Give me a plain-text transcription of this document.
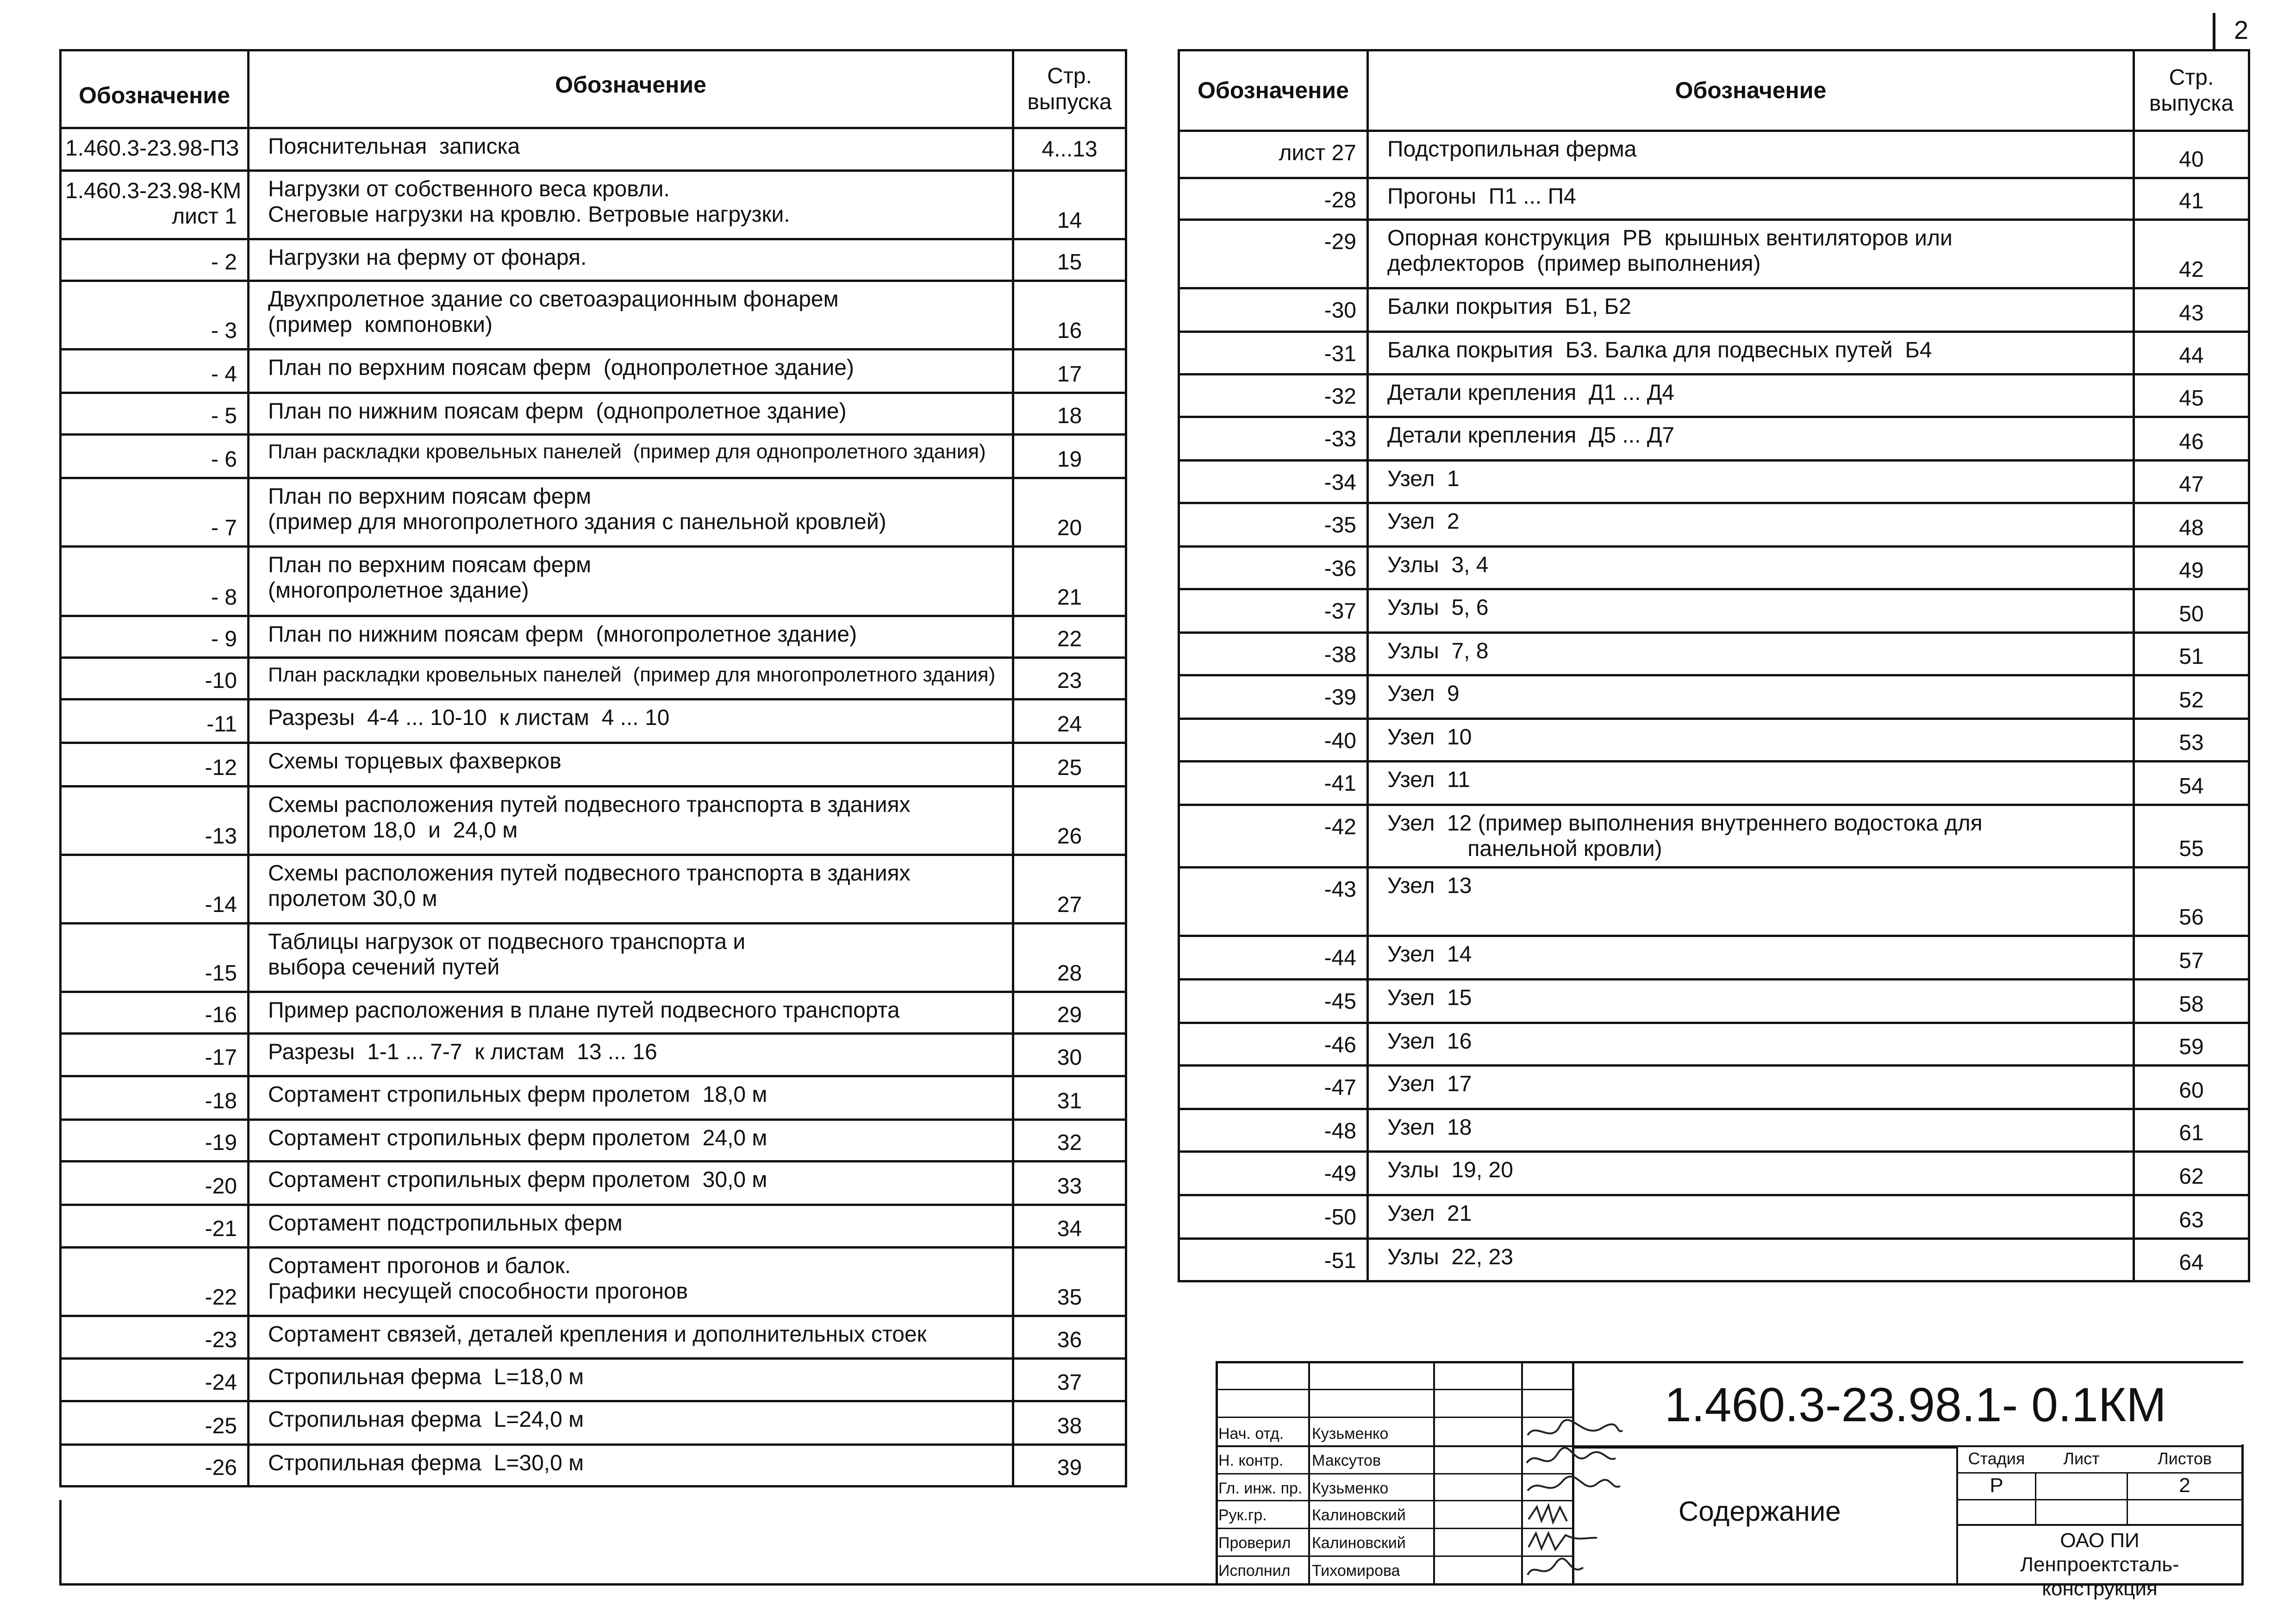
2
Обозначение	Обозначение	Стр.
выпуска
1.460.3-23.98-ПЗ	Пояснительная  записка	4...13
1.460.3-23.98-КМ
лист 1	Нагрузки от собственного веса кровли.
Снеговые нагрузки на кровлю. Ветровые нагрузки.	14
- 2	Нагрузки на ферму от фонаря.	15
- 3	Двухпролетное здание со светоаэрационным фонарем
(пример  компоновки)	16
- 4	План по верхним поясам ферм  (однопролетное здание)	17
- 5	План по нижним поясам ферм  (однопролетное здание)	18
- 6	План раскладки кровельных панелей  (пример для однопролетного здания)	19
- 7	План по верхним поясам ферм
(пример для многопролетного здания с панельной кровлей)	20
- 8	План по верхним поясам ферм
(многопролетное здание)	21
- 9	План по нижним поясам ферм  (многопролетное здание)	22
-10	План раскладки кровельных панелей  (пример для многопролетного здания)	23
-11	Разрезы  4-4 ... 10-10  к листам  4 ... 10	24
-12	Схемы торцевых фахверков	25
-13	Схемы расположения путей подвесного транспорта в зданиях
пролетом 18,0  и  24,0 м	26
-14	Схемы расположения путей подвесного транспорта в зданиях
пролетом 30,0 м	27
-15	Таблицы нагрузок от подвесного транспорта и
выбора сечений путей	28
-16	Пример расположения в плане путей подвесного транспорта	29
-17	Разрезы  1-1 ... 7-7  к листам  13 ... 16	30
-18	Сортамент стропильных ферм пролетом  18,0 м	31
-19	Сортамент стропильных ферм пролетом  24,0 м	32
-20	Сортамент стропильных ферм пролетом  30,0 м	33
-21	Сортамент подстропильных ферм	34
-22	Сортамент прогонов и балок.
Графики несущей способности прогонов	35
-23	Сортамент связей, деталей крепления и дополнительных стоек	36
-24	Стропильная ферма  L=18,0 м	37
-25	Стропильная ферма  L=24,0 м	38
-26	Стропильная ферма  L=30,0 м	39
Обозначение	Обозначение	Стр.
выпуска
лист 27	Подстропильная ферма	40
-28	Прогоны  П1 ... П4	41
-29	Опорная конструкция  РВ  крышных вентиляторов или
дефлекторов  (пример выполнения)	42
-30	Балки покрытия  Б1, Б2	43
-31	Балка покрытия  Б3. Балка для подвесных путей  Б4	44
-32	Детали крепления  Д1 ... Д4	45
-33	Детали крепления  Д5 ... Д7	46
-34	Узел  1	47
-35	Узел  2	48
-36	Узлы  3, 4	49
-37	Узлы  5, 6	50
-38	Узлы  7, 8	51
-39	Узел  9	52
-40	Узел  10	53
-41	Узел  11	54
-42	Узел  12 (пример выполнения внутреннего водостока для
панельной кровли)	55
-43	Узел  13	56
-44	Узел  14	57
-45	Узел  15	58
-46	Узел  16	59
-47	Узел  17	60
-48	Узел  18	61
-49	Узлы  19, 20	62
-50	Узел  21	63
-51	Узлы  22, 23	64
1.460.3-23.98.1- 0.1КМ
Содержание
Стадия	Лист	Листов
Р	2
ОАО ПИ
Ленпроектсталь-
конструкция
Нач. отд.	Кузьменко
Н. контр.	Максутов
Гл. инж. пр. Кузьменко
Рук.гр.	Калиновский
Проверил	Калиновский
Исполнил	Тихомирова
